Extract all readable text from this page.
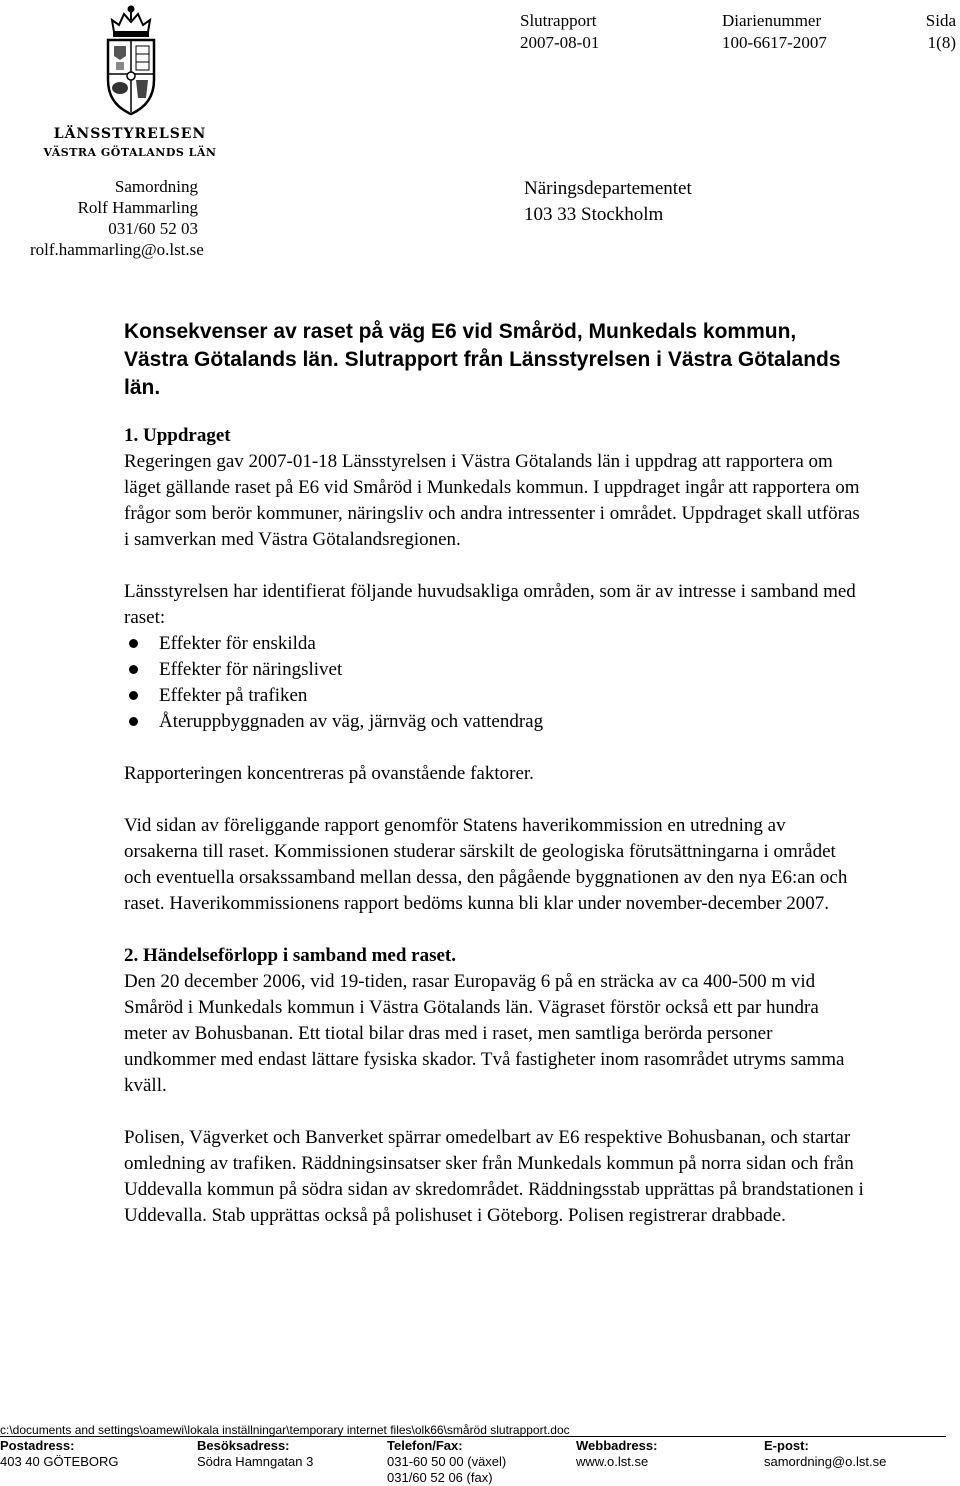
LÄNSSTYRELSEN
VÄSTRA GÖTALANDS LÄN
Slutrapport
2007-08-01
Diarienummer
100-6617-2007
Sida
1(8)
Samordning
Rolf Hammarling
031/60 52 03
rolf.hammarling@o.lst.se
Näringsdepartementet
103 33 Stockholm
Konsekvenser av raset på väg E6 vid Småröd, Munkedals kommun, Västra Götalands län. Slutrapport från Länsstyrelsen i Västra Götalands län.
1. Uppdraget

Regeringen gav 2007-01-18 Länsstyrelsen i Västra Götalands län i uppdrag att rapportera om läget gällande raset på E6 vid Småröd i Munkedals kommun. I uppdraget ingår att rapportera om frågor som berör kommuner, näringsliv och andra intressenter i området. Uppdraget skall utföras i samverkan med Västra Götalandsregionen.

Länsstyrelsen har identifierat följande huvudsakliga områden, som är av intresse i samband med raset:

Effekter för enskilda
Effekter för näringslivet
Effekter på trafiken
Återuppbyggnaden av väg, järnväg och vattendrag

Rapporteringen koncentreras på ovanstående faktorer.

Vid sidan av föreliggande rapport genomför Statens haverikommission en utredning av orsakerna till raset. Kommissionen studerar särskilt de geologiska förutsättningarna i området och eventuella orsakssamband mellan dessa, den pågående byggnationen av den nya E6:an och raset. Haverikommissionens rapport bedöms kunna bli klar under november-december 2007.

2. Händelseförlopp i samband med raset.

Den 20 december 2006, vid 19-tiden, rasar Europaväg 6 på en sträcka av ca 400-500 m vid Småröd i Munkedals kommun i Västra Götalands län. Vägraset förstör också ett par hundra meter av Bohusbanan. Ett tiotal bilar dras med i raset, men samtliga berörda personer undkommer med endast lättare fysiska skador. Två fastigheter inom rasområdet utryms samma kväll.

Polisen, Vägverket och Banverket spärrar omedelbart av E6 respektive Bohusbanan, och startar omledning av trafiken. Räddningsinsatser sker från Munkedals kommun på norra sidan och från Uddevalla kommun på södra sidan av skredområdet. Räddningsstab upprättas på brandstationen i Uddevalla. Stab upprättas också på polishuset i Göteborg. Polisen registrerar drabbade.

c:\documents and settings\oamewi\lokala inställningar\temporary internet files\olk66\småröd slutrapport.doc
Postadress:
403 40 GÖTEBORG
Besöksadress:
Södra Hamngatan 3
Telefon/Fax:
031-60 50 00 (växel)
031/60 52 06 (fax)
Webbadress:
www.o.lst.se
E-post:
samordning@o.lst.se
